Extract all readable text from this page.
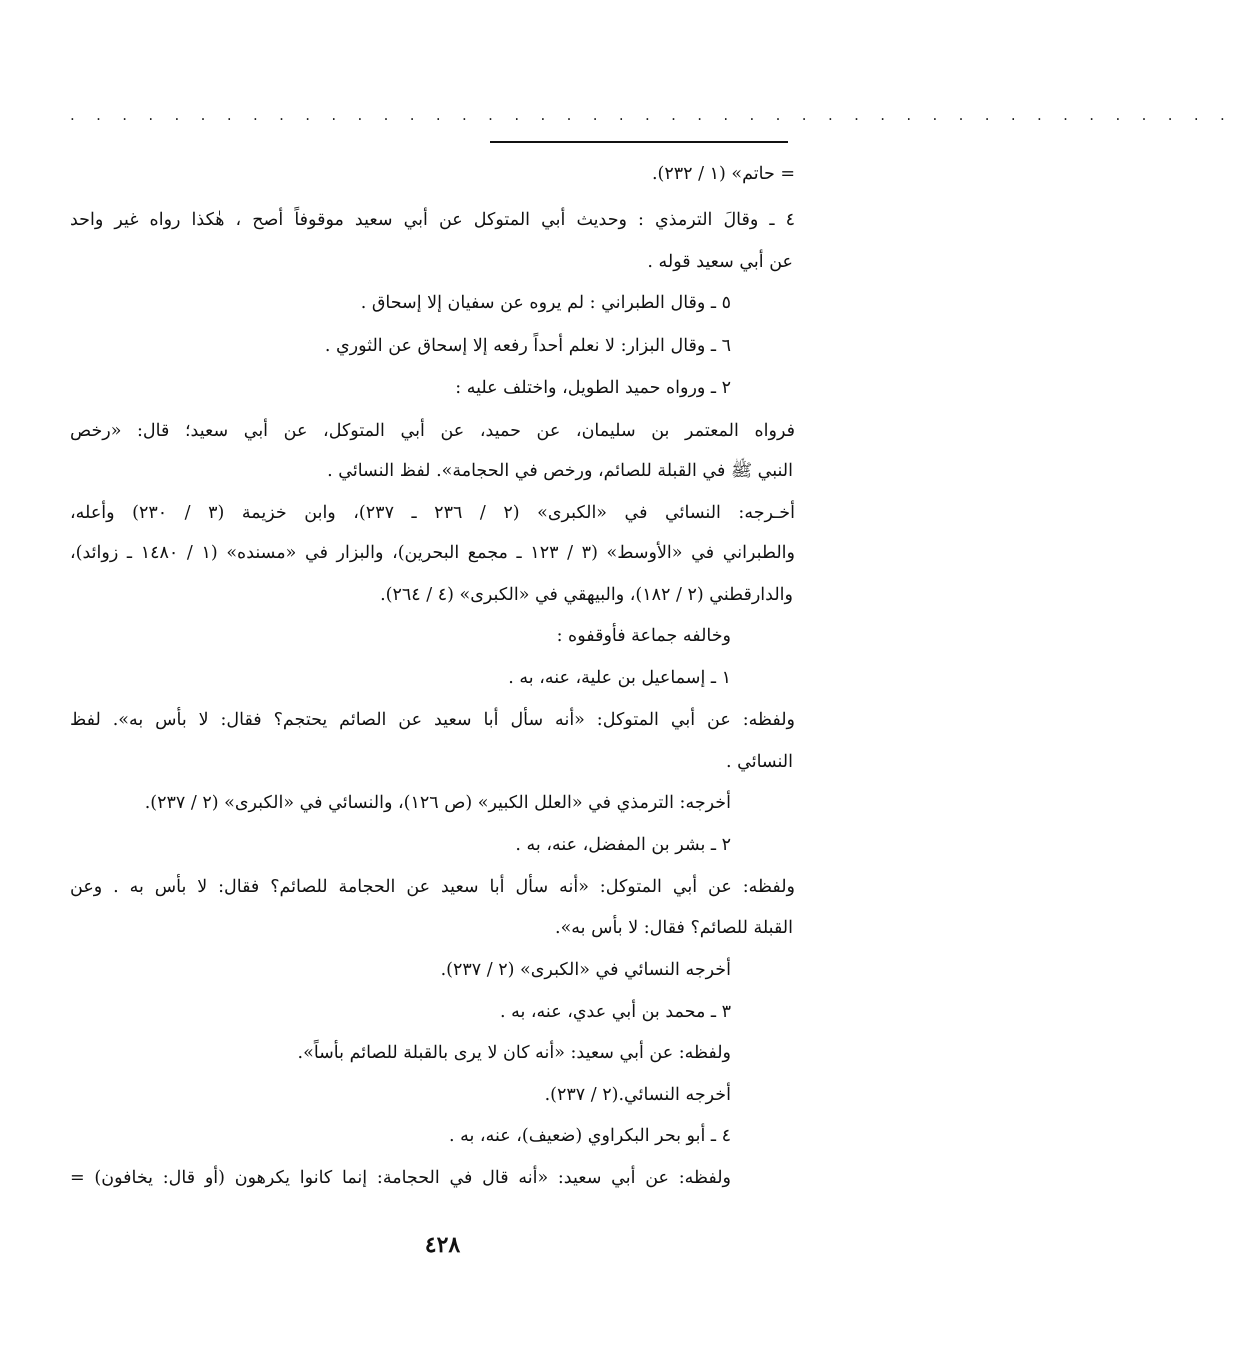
. . . . . . . . . . . . . . . . . . . . . . . . . . . . . . . . . . . . . . . . . . . . .
= حاتم» (١ / ٢٣٢).
٤ ـ وقالَ الترمذي : وحديث أبي المتوكل عن أبي سعيد موقوفاً أصح ، هٰكذا رواه غير واحد
عن أبي سعيد قوله .
٥ ـ وقال الطبراني : لم يروه عن سفيان إلا إسحاق .
٦ ـ وقال البزار: لا نعلم أحداً رفعه إلا إسحاق عن الثوري .
٢ ـ ورواه حميد الطويل، واختلف عليه :
فرواه المعتمر بن سليمان، عن حميد، عن أبي المتوكل، عن أبي سعيد؛ قال: «رخص
النبي ﷺ في القبلة للصائم، ورخص في الحجامة». لفظ النسائي .
أخـرجه: النسائي في «الكبرى» (٢ / ٢٣٦ ـ ٢٣٧)، وابن خزيمة (٣ / ٢٣٠) وأعله،
والطبراني في «الأوسط» (٣ / ١٢٣ ـ مجمع البحرين)، والبزار في «مسنده» (١ / ١٤٨٠ ـ زوائد)،
والدارقطني (٢ / ١٨٢)، والبيهقي في «الكبرى» (٤ / ٢٦٤).
وخالفه جماعة فأوقفوه :
١ ـ إسماعيل بن علية، عنه، به .
ولفظه: عن أبي المتوكل: «أنه سأل أبا سعيد عن الصائم يحتجم؟ فقال: لا بأس به». لفظ
النسائي .
أخرجه: الترمذي في «العلل الكبير» (ص ١٢٦)، والنسائي في «الكبرى» (٢ / ٢٣٧).
٢ ـ بشر بن المفضل، عنه، به .
ولفظه: عن أبي المتوكل: «أنه سأل أبا سعيد عن الحجامة للصائم؟ فقال: لا بأس به . وعن
القبلة للصائم؟ فقال: لا بأس به».
أخرجه النسائي في «الكبرى» (٢ / ٢٣٧).
٣ ـ محمد بن أبي عدي، عنه، به .
ولفظه: عن أبي سعيد: «أنه كان لا يرى بالقبلة للصائم بأساً».
أخرجه النسائي.(٢ / ٢٣٧).
٤ ـ أبو بحر البكراوي (ضعيف)، عنه، به .
ولفظه: عن أبي سعيد: «أنه قال في الحجامة: إنما كانوا يكرهون (أو قال: يخافون) =
٤٢٨
